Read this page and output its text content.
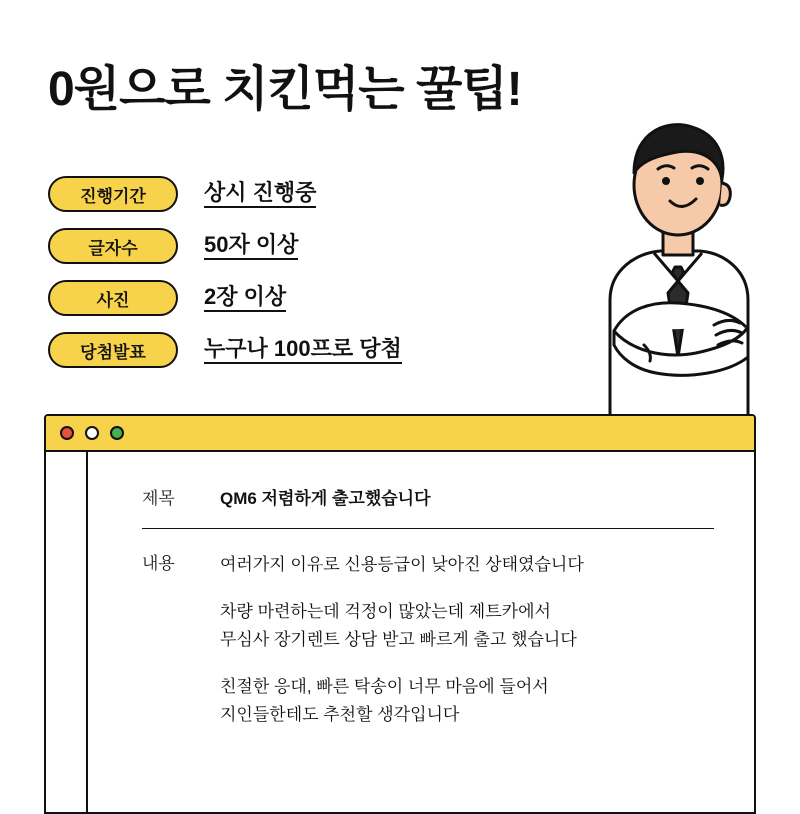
0원으로 치킨먹는 꿀팁!
진행기간	상시 진행중
글자수	50자 이상
사진	2장 이상
당첨발표	누구나 100프로 당첨
제목	QM6 저렴하게 출고했습니다
내용	여러가지 이유로 신용등급이 낮아진 상태였습니다

차량 마련하는데 걱정이 많았는데 제트카에서
무심사 장기렌트 상담 받고 빠르게 출고 했습니다

친절한 응대, 빠른 탁송이 너무 마음에 들어서
지인들한테도 추천할 생각입니다
